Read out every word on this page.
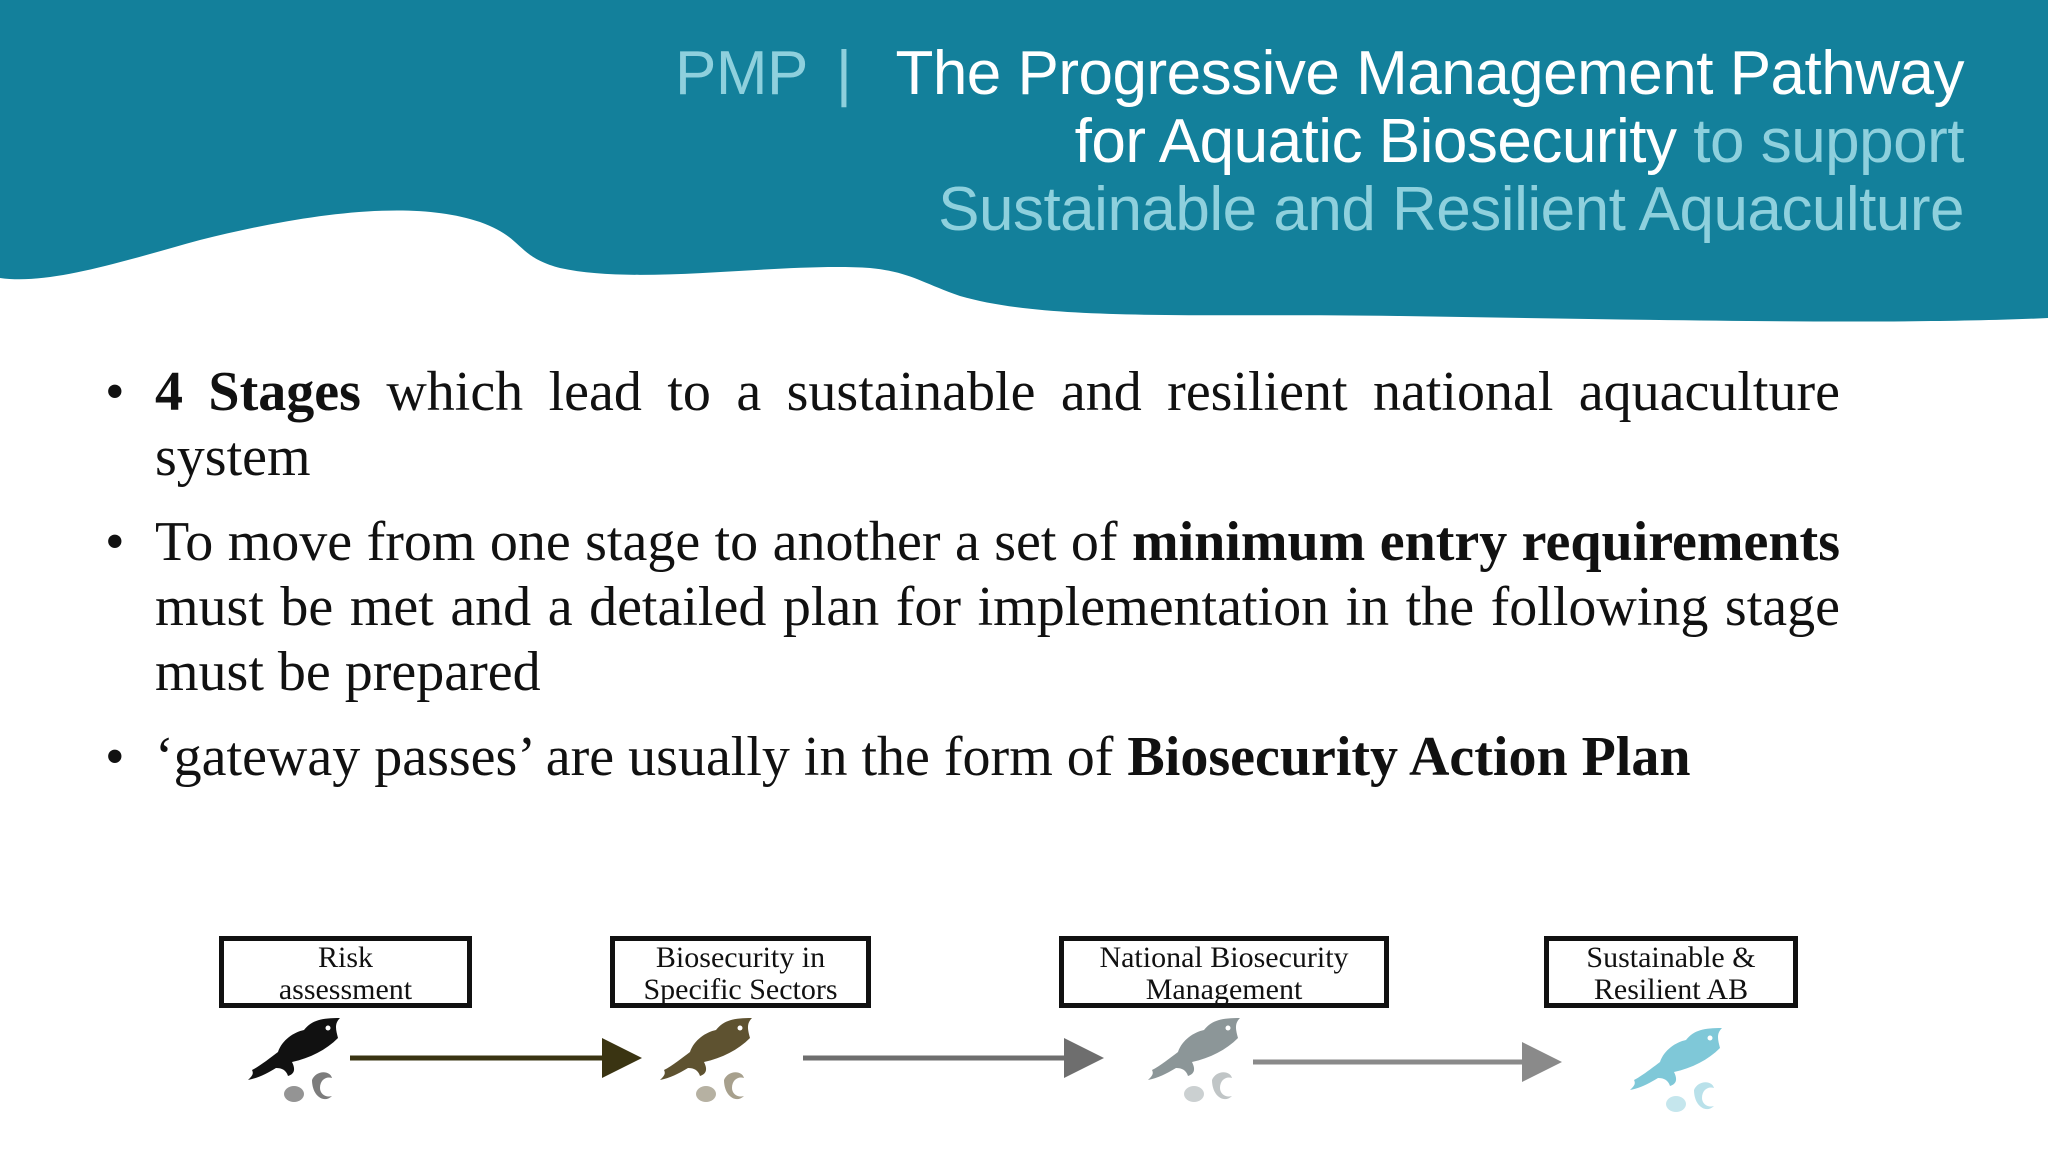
PMP | The Progressive Management Pathway
for Aquatic Biosecurity to support
Sustainable and Resilient Aquaculture
• 4 Stages which lead to a sustainable and resilient national aquaculture system
• To move from one stage to another a set of minimum entry requirements must be met and a detailed plan for implementation in the following stage must be prepared
• ‘gateway passes’ are usually in the form of Biosecurity Action Plan
Risk
assessment
Biosecurity in
Specific Sectors
National Biosecurity
Management
Sustainable &
Resilient AB
